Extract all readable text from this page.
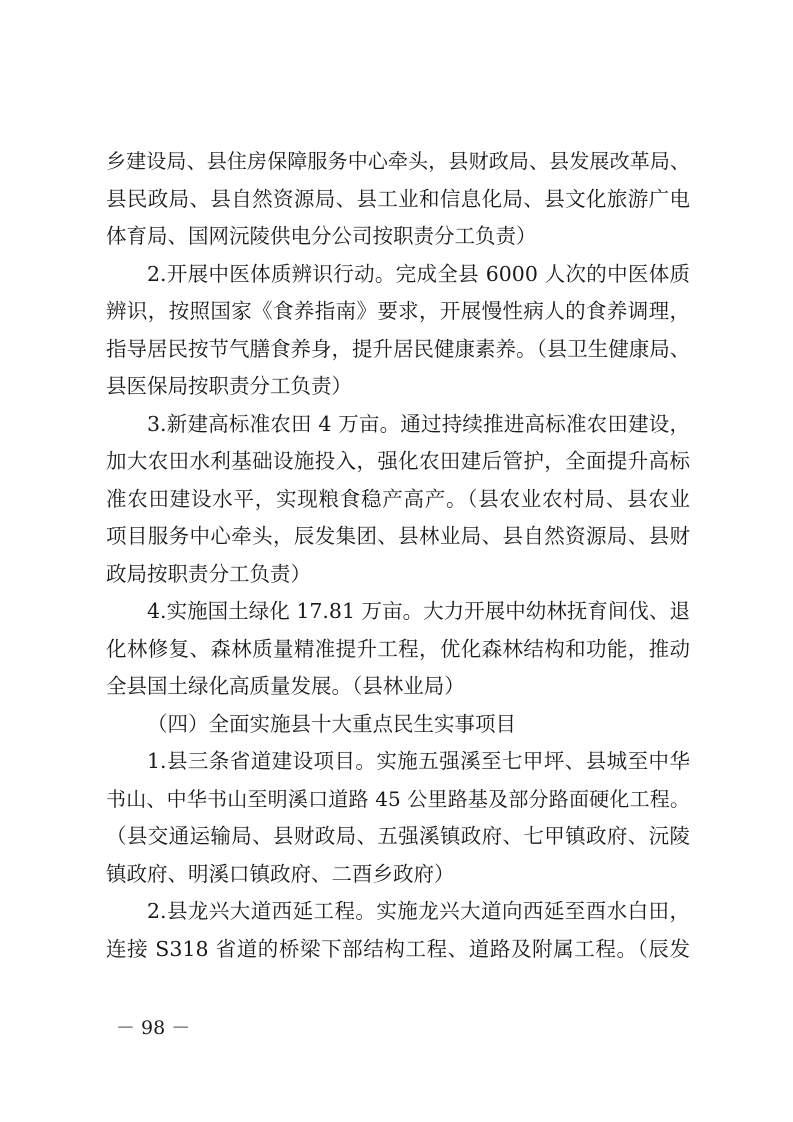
乡建设局、县住房保障服务中心牵头，县财政局、县发展改革局、
县民政局、县自然资源局、县工业和信息化局、县文化旅游广电
体育局、国网沅陵供电分公司按职责分工负责）
2.开展中医体质辨识行动。完成全县 6000 人次的中医体质
辨识，按照国家《食养指南》要求，开展慢性病人的食养调理，
指导居民按节气膳食养身，提升居民健康素养。（县卫生健康局、
县医保局按职责分工负责）
3.新建高标准农田 4 万亩。通过持续推进高标准农田建设，
加大农田水利基础设施投入，强化农田建后管护，全面提升高标
准农田建设水平，实现粮食稳产高产。（县农业农村局、县农业
项目服务中心牵头，辰发集团、县林业局、县自然资源局、县财
政局按职责分工负责）
4.实施国土绿化 17.81 万亩。大力开展中幼林抚育间伐、退
化林修复、森林质量精准提升工程，优化森林结构和功能，推动
全县国土绿化高质量发展。（县林业局）
（四）全面实施县十大重点民生实事项目
1.县三条省道建设项目。实施五强溪至七甲坪、县城至中华
书山、中华书山至明溪口道路 45 公里路基及部分路面硬化工程。
（县交通运输局、县财政局、五强溪镇政府、七甲镇政府、沅陵
镇政府、明溪口镇政府、二酉乡政府）
2.县龙兴大道西延工程。实施龙兴大道向西延至酉水白田，
连接 S318 省道的桥梁下部结构工程、道路及附属工程。（辰发
－ 98 －
